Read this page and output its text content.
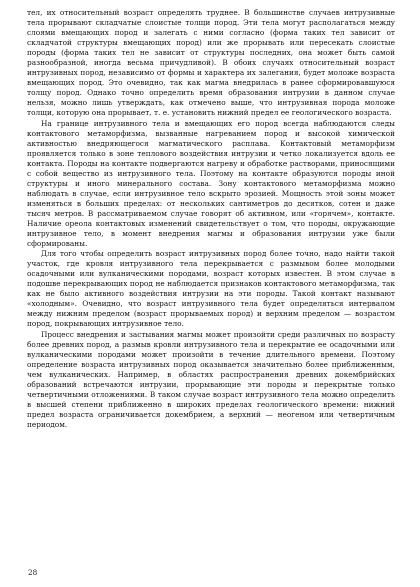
тел, их относительный возраст определять труднее. В большинстве случаев интрузивные тела прорывают складчатые слоистые толщи пород. Эти тела могут располагаться между слоями вмещающих пород и залегать с ними согласно (форма таких тел зависит от складчатой структуры вмещающих пород) или же прорывать или пересекать слоистые породы (форма таких тел не зависит от структуры последних, она может быть самой разнообразной, иногда весьма причудливой). В обоих случаях относительный возраст интрузивных пород, независимо от формы и характера их залегания, будет моложе возраста вмещающих пород. Это очевидно, так как магма внедрилась в ранее сформировавшуюся толщу пород. Однако точно определить время образования интрузии в данном случае нельзя, можно лишь утверждать, как отмечено выше, что интрузивная порода моложе толщи, которую она прорывает, т. е. установить нижний предел ее геологического возраста.

На границе интрузивного тела и вмещающих его пород всегда наблюдаются следы контактового метаморфизма, вызванные нагреванием пород и высокой химической активностью внедряющегося магматического расплава. Контактовый метаморфизм проявляется только в зоне теплового воздействия интрузии и четко локализуется вдоль ее контакта. Породы на контакте подвергаются нагреву и обработке растворами, приносящими с собой вещество из интрузивного тела. Поэтому на контакте образуются породы иной структуры и иного минерального состава. Зону контактового метаморфизма можно наблюдать в случае, если интрузивное тело вскрыто эрозией. Мощность этой зоны может изменяться в больших пределах: от нескольких сантиметров до десятков, сотен и даже тысяч метров. В рассматриваемом случае говорят об активном, или «горячем», контакте. Наличие ореола контактовых изменений свидетельствует о том, что породы, окружающие интрузивное тело, в момент внедрения магмы и образования интрузии уже были сформированы.

Для того чтобы определить возраст интрузивных пород более точно, надо найти такой участок, где кровля интрузивного тела перекрывается с размывом более молодыми осадочными или вулканическими породами, возраст которых известен. В этом случае в подошве перекрывающих пород не наблюдается признаков контактового метаморфизма, так как не было активного воздействия интрузии на эти породы. Такой контакт называют «холодным». Очевидно, что возраст интрузивного тела будет определяться интервалом между нижним пределом (возраст прорываемых пород) и верхним пределом — возрастом пород, покрывающих интрузивное тело.

Процесс внедрения и застывания магмы может произойти среди различных по возрасту более древних пород, а размыв кровли интрузивного тела и перекрытие ее осадочными или вулканическими породами может произойти в течение длительного времени. Поэтому определение возраста интрузивных пород оказывается значительно более приближенным, чем вулканических. Например, в областях распространения древних докембрийских образований встречаются интрузии, прорывающие эти породы и перекрытые только четвертичными отложениями. В таком случае возраст интрузивного тела можно определить в высшей степени приближенно в широких пределах геологического времени: нижний предел возраста ограничивается докембрием, а верхний — неогеном или четвертичным периодом.

28
